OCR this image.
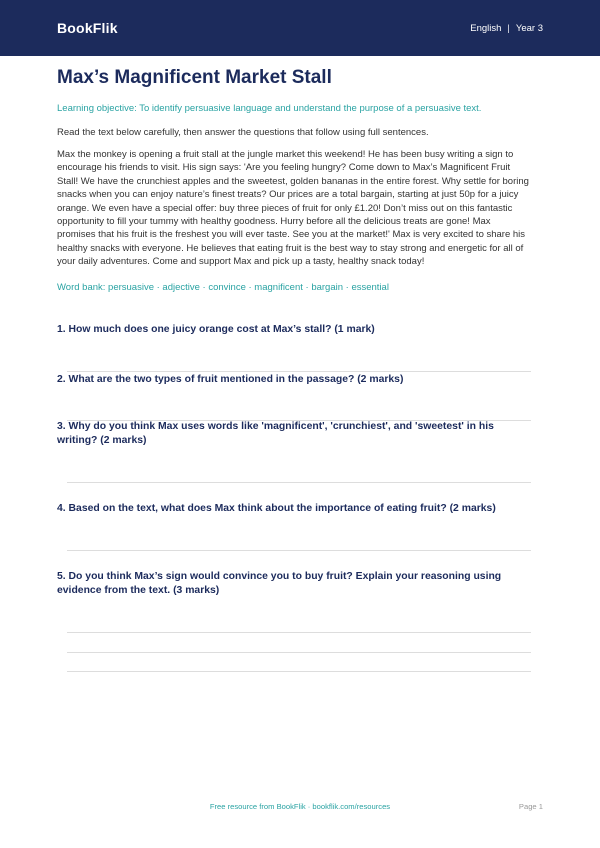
BookFlik	English | Year 3
Max’s Magnificent Market Stall
Learning objective: To identify persuasive language and understand the purpose of a persuasive text.
Read the text below carefully, then answer the questions that follow using full sentences.
Max the monkey is opening a fruit stall at the jungle market this weekend! He has been busy writing a sign to encourage his friends to visit. His sign says: 'Are you feeling hungry? Come down to Max’s Magnificent Fruit Stall! We have the crunchiest apples and the sweetest, golden bananas in the entire forest. Why settle for boring snacks when you can enjoy nature’s finest treats? Our prices are a total bargain, starting at just 50p for a juicy orange. We even have a special offer: buy three pieces of fruit for only £1.20! Don’t miss out on this fantastic opportunity to fill your tummy with healthy goodness. Hurry before all the delicious treats are gone! Max promises that his fruit is the freshest you will ever taste. See you at the market!' Max is very excited to share his healthy snacks with everyone. He believes that eating fruit is the best way to stay strong and energetic for all of your daily adventures. Come and support Max and pick up a tasty, healthy snack today!
Word bank: persuasive · adjective · convince · magnificent · bargain · essential
1. How much does one juicy orange cost at Max’s stall? (1 mark)
2. What are the two types of fruit mentioned in the passage? (2 marks)
3. Why do you think Max uses words like 'magnificent', 'crunchiest', and 'sweetest' in his writing? (2 marks)
4. Based on the text, what does Max think about the importance of eating fruit? (2 marks)
5. Do you think Max’s sign would convince you to buy fruit? Explain your reasoning using evidence from the text. (3 marks)
Free resource from BookFlik · bookflik.com/resources	Page 1
